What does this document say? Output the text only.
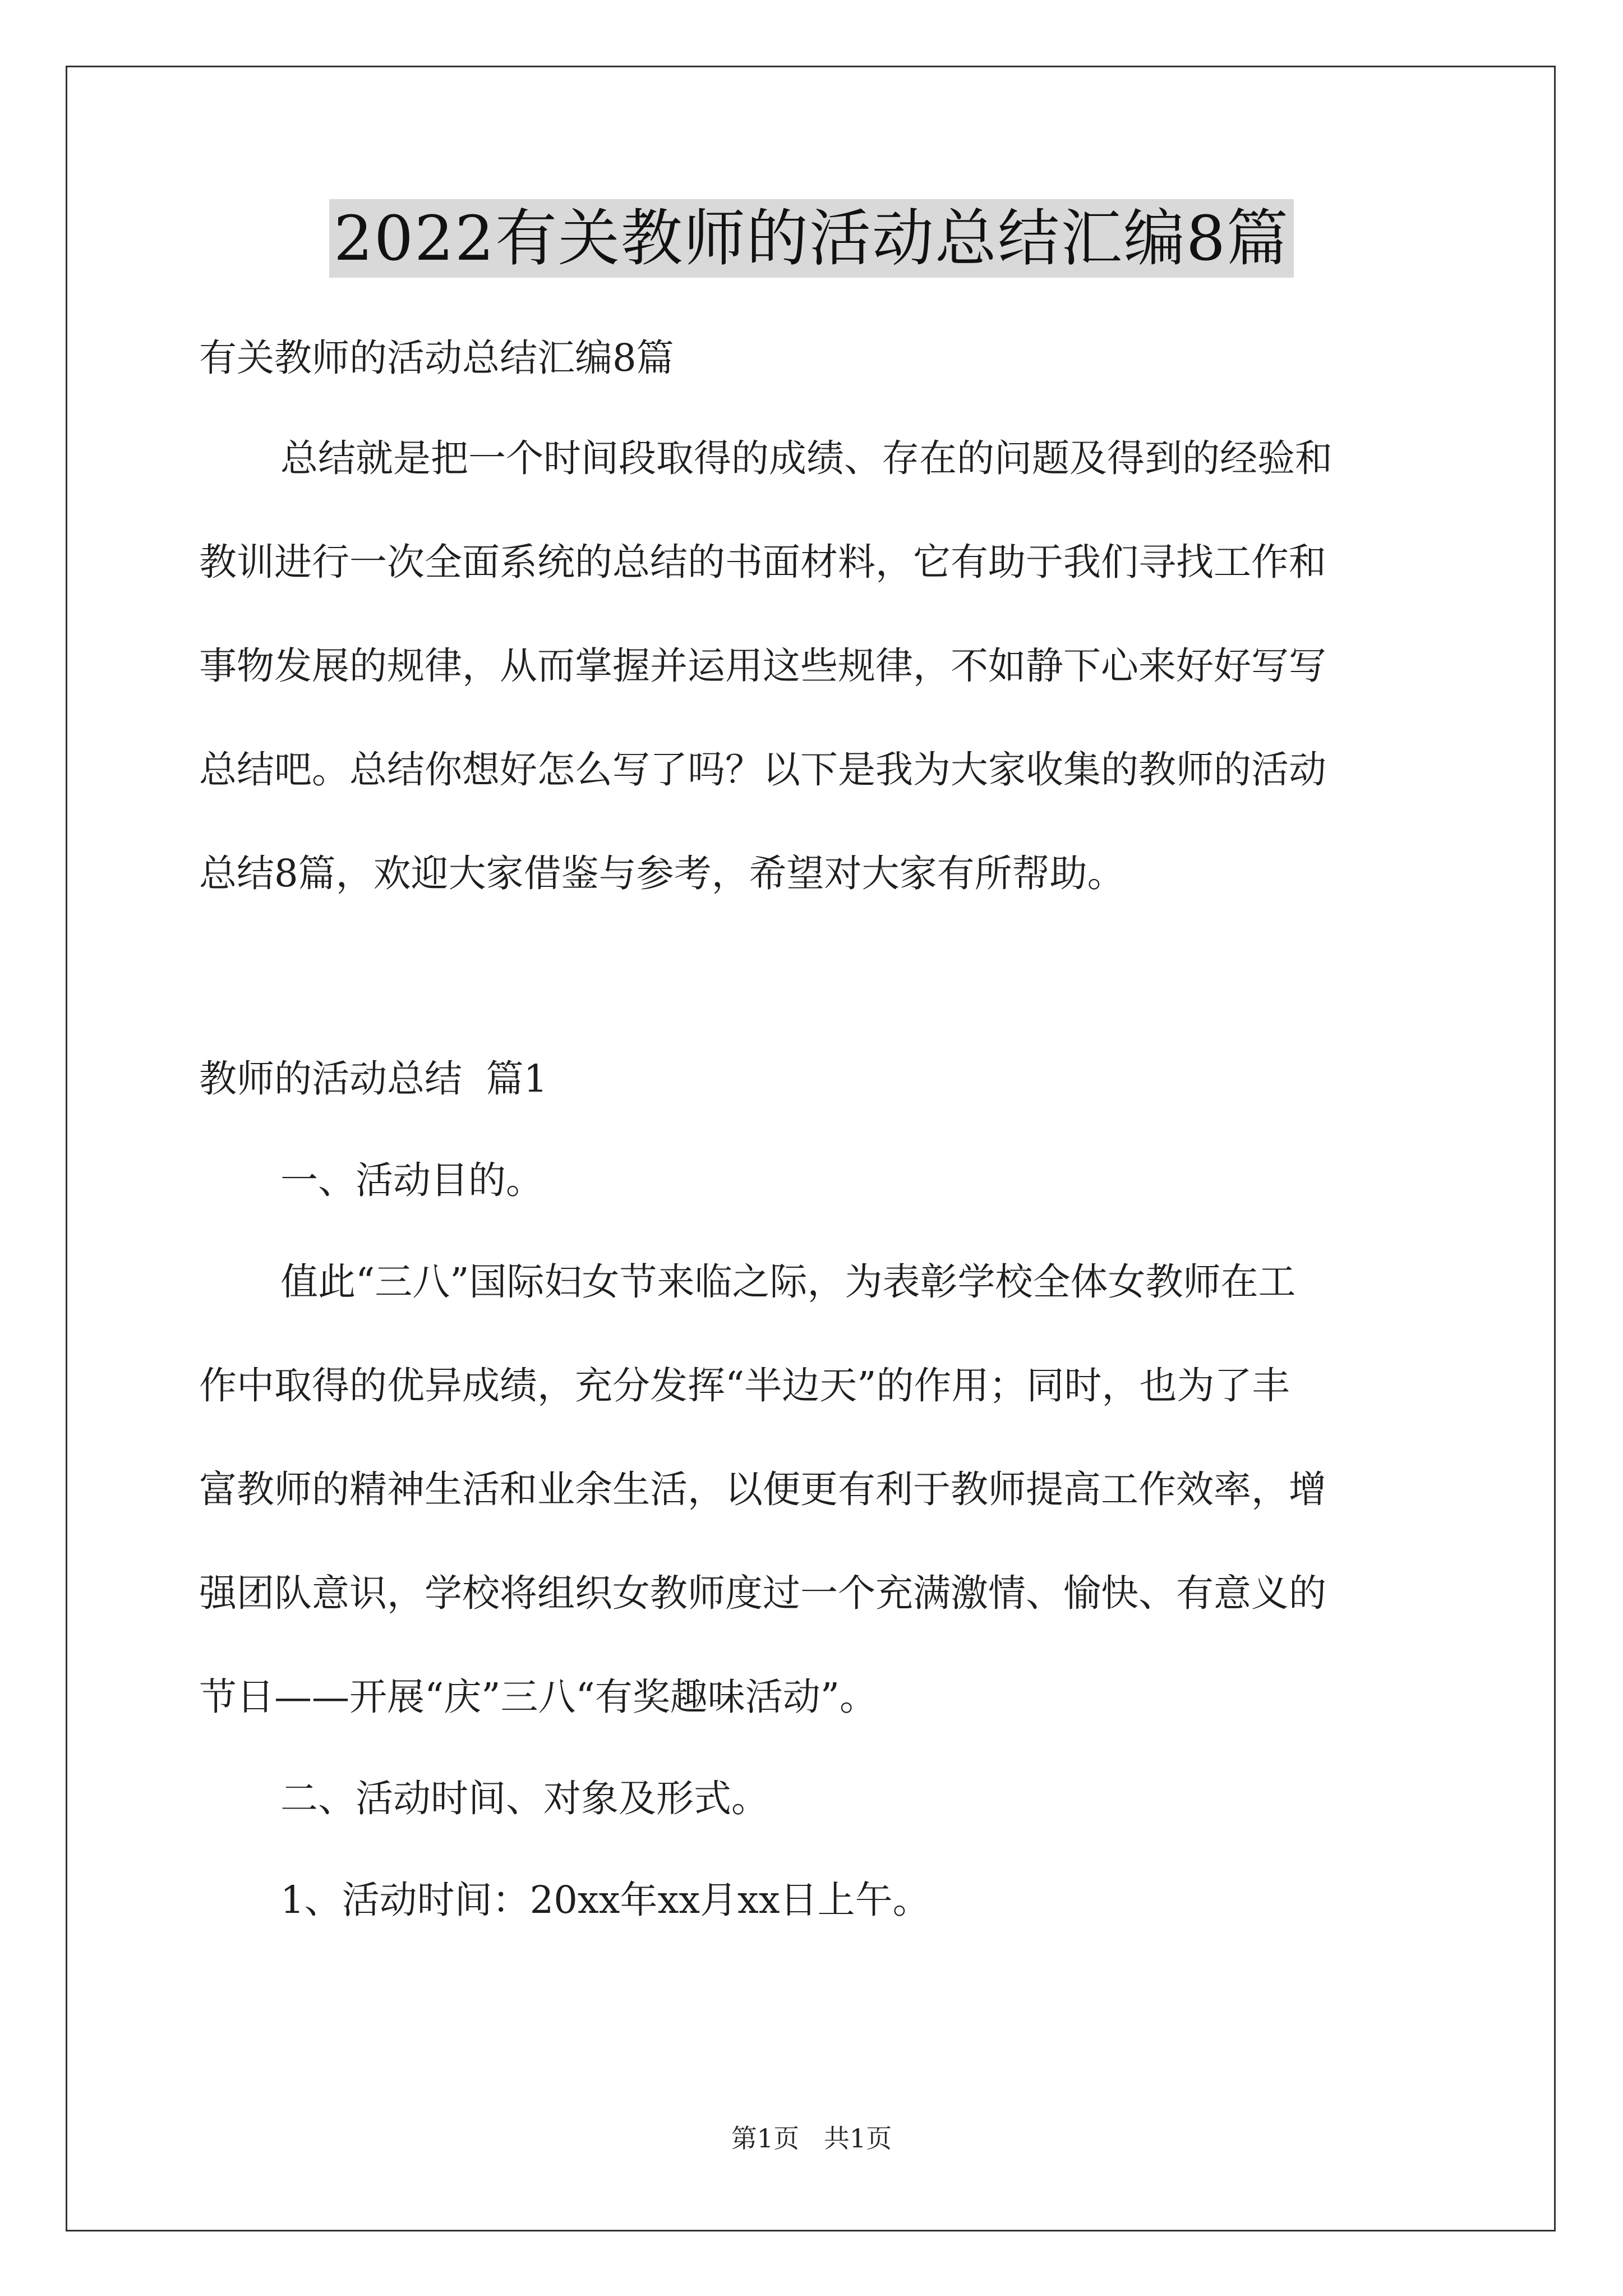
2022有关教师的活动总结汇编8篇

有关教师的活动总结汇编8篇

总结就是把一个时间段取得的成绩、存在的问题及得到的经验和
教训进行一次全面系统的总结的书面材料，它有助于我们寻找工作和
事物发展的规律，从而掌握并运用这些规律，不如静下心来好好写写
总结吧。总结你想好怎么写了吗？以下是我为大家收集的教师的活动
总结8篇，欢迎大家借鉴与参考，希望对大家有所帮助。

教师的活动总结  篇1

一、活动目的。

值此“三八”国际妇女节来临之际，为表彰学校全体女教师在工
作中取得的优异成绩，充分发挥“半边天”的作用；同时，也为了丰
富教师的精神生活和业余生活，以便更有利于教师提高工作效率，增
强团队意识，学校将组织女教师度过一个充满激情、愉快、有意义的
节日——开展“庆”三八“有奖趣味活动”。

二、活动时间、对象及形式。

1、活动时间：20xx年xx月xx日上午。

第1页   共1页
